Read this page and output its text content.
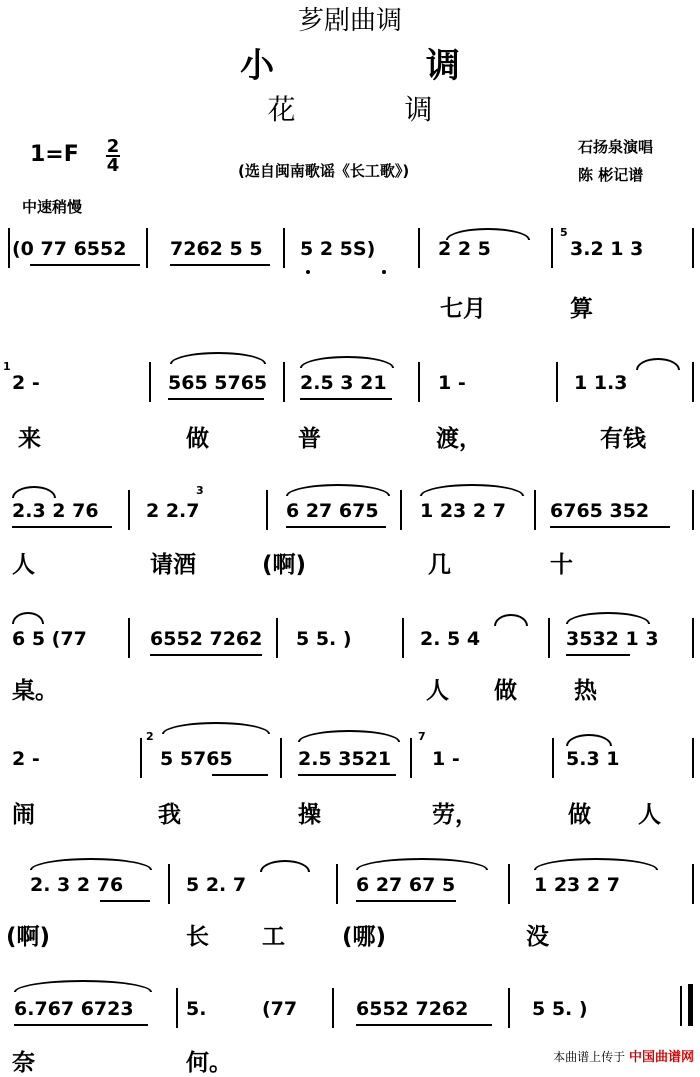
芗剧曲调
小 调
花 调
1=F 2
4	(选自闽南歌谣《长工歌》)
石扬泉演唱
陈 彬记谱
中速稍慢
(0 77 6552 7262 5 5 5 2 5S)	2 2 5
5
3.2 1 3
七月	算
1
2 -	565 5765 2.5 3 21	1 -	1 1.3
来	做	普	渡，	有钱
2.3 2 76
3
2 2.7	6 27 675 1 23 2 7 6765 352
人	请酒	(啊)	几	十
6 5 (77	6552 7262 5 5. )	2. 5 4	3532 1 3
桌。	人 做 热
2 -
2
5 5765	2.5 3521
7
1 -	5.3 1
闹	我	操	劳，	做 人
2. 3 2 76	5 2. 7	6 27 67 5	1 23 2 7
(啊)	长 工 (哪)	没
6.767 6723	5.	(77	6552 7262	5 5. )
奈	何。	本曲谱上传于 中国曲谱网
